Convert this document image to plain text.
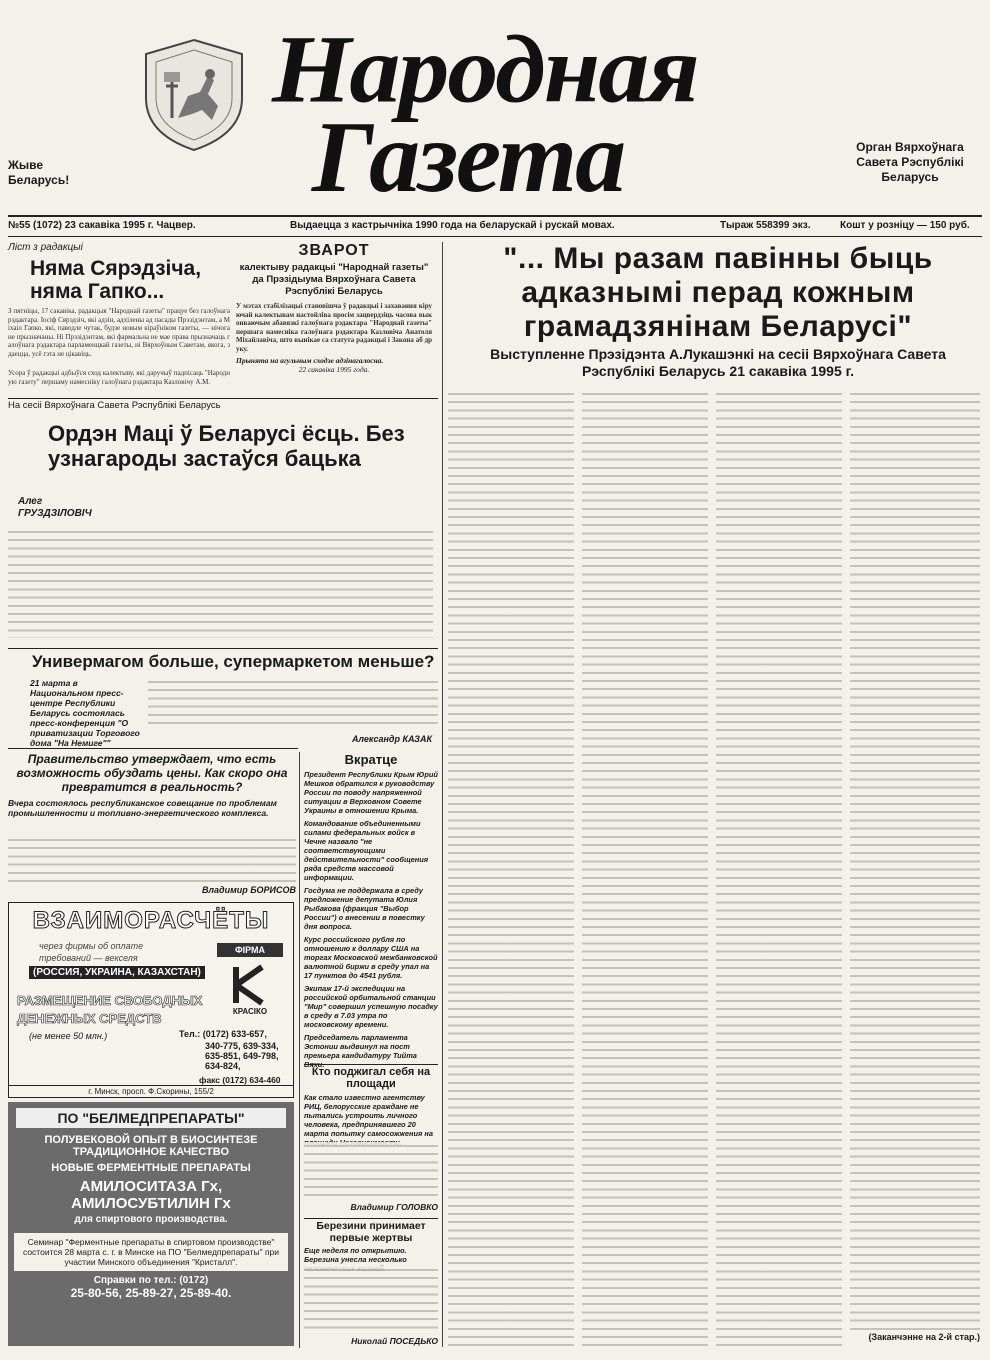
Народная
Газета
Жыве Беларусь!
Орган Вярхоўнага Савета Рэспублікі Беларусь
№55 (1072) 23 сакавіка 1995 г. Чацвер.	Выдаецца з кастрычніка 1990 года на беларускай і рускай мовах.	Тыраж 558399 экз.	Кошт у розніцу — 150 руб.
Ліст з радакцыі
Няма Сярэдзіча, няма Гапко...
З пятніцы, 17 сакавіка, радакцыя "Народнай газеты" працуе без галоўнага рэдактара. Іосіф Сярэдзіч, які адзін, адхілены ад пасады Прэзідэнтам, а Міхаіл Гапко, які, паводле чутак, будзе новым кіраўніком газеты, — нічога не прызначаны. Ні Прэзідэнтам, які фармальна не мае права прызначаць галоўнага рэдактара парламенцкай газеты, ні Вярхоўным Саветам, якога, здаецца, усё гэта не цікавіць.
Усора ў радакцыі адбыўся сход калектыву, які даручыў падпісаць "Народную газету" першаму намесніку галоўнага рэдактара Казловічу А.М.
ЗВАРОТ
калектыву радакцыі "Народнай газеты" да Прэзідыума Вярхоўнага Савета Рэспублікі Беларусь
У мэтах стабілізацыі становішча ў радакцыі і захавання кіруючай калектывам настойліва просім зацвердзіць часова выконваючым абавязкі галоўнага рэдактара "Народнай газеты" першага намесніка галоўнага рэдактара Казловіча Анатоля Міхайлавіча, што вынікае са статута радакцыі і Закона аб друку.
Прынята на агульным сходзе адзінагалосна.
22 сакавіка 1995 года.
"... Мы разам павінны быць адказнымі перад кожным грамадзянінам Беларусі"
Выступленне Прэзідэнта А.Лукашэнкі на сесіі Вярхоўнага Савета Рэспублікі Беларусь 21 сакавіка 1995 г.
(Заканчэнне на 2-й стар.)
На сесіі Вярхоўнага Савета Рэспублікі Беларусь
Ордэн Маці ў Беларусі ёсць. Без узнагароды застаўся бацька
Алег ГРУЗДЗІЛОВІЧ
Универмагом больше, супермаркетом меньше?
21 марта в Национальном пресс-центре Республики Беларусь состоялась пресс-конференция "О приватизации Торгового дома "На Немиге""	Александр КАЗАК
Правительство утверждает, что есть возможность обуздать цены. Как скоро она превратится в реальность?
Вчера состоялось республиканское совещание по проблемам промышленности и топливно-энергетического комплекса.
Владимир БОРИСОВ
Вкратце
Президент Республики Крым Юрий Мешков обратился к руководству России по поводу напряженной ситуации в Верховном Совете Украины в отношении Крыма.
Командование объединенными силами федеральных войск в Чечне назвало "не соответствующими действительности" сообщения ряда средств массовой информации.
Госдума не поддержала в среду предложение депутата Юлия Рыбакова (фракция "Выбор России") о внесении в повестку дня вопроса.
Курс российского рубля по отношению к доллару США на торгах Московской межбанковской валютной биржи в среду упал на 17 пунктов до 4541 рубля.
Экипаж 17-й экспедиции на российской орбитальной станции "Мир" совершил успешную посадку в среду в 7.03 утра по московскому времени.
Председатель парламента Эстонии выдвинул на пост премьера кандидатуру Тийта
Кто поджигал себя на площади
Как стало известно агентству РИЦ, белорусские граждане не пытались устроить личного человека, предпринявшего 20 марта попытку самосожжения на
Владимир ГОЛОВКО
Березини принимает первые жертвы
Еще неделя по открытию. Березина унесла несколько
Николай ПОСЕДЬКО
ВЗАИМОРАСЧЁТЫ
через фирмы об оплате
требований — векселя
(РОССИЯ, УКРАИНА, КАЗАХСТАН)
ФІРМА
КРАСІКО
РАЗМЕЩЕНИЕ СВОБОДНЫХ
ДЕНЕЖНЫХ СРЕДСТВ
(не менее 50 млн.)	Тел.: (0172) 633-657,
340-775, 639-334, 635-851, 649-798, 634-824,
факс (0172) 634-460
г. Минск, просп. Ф.Скорины, 155/2
ПО "БЕЛМЕДПРЕПАРАТЫ"
ПОЛУВЕКОВОЙ ОПЫТ В БИОСИНТЕЗЕ
ТРАДИЦИОННОЕ КАЧЕСТВО
НОВЫЕ ФЕРМЕНТНЫЕ ПРЕПАРАТЫ
АМИЛОСИТАЗА Гх,
АМИЛОСУБТИЛИН Гх
для спиртового производства.
Семинар "Ферментные препараты в спиртовом производстве" состоится 28 марта с. г. в Минске на ПО "Белмедпрепараты" при участии Минского объединения "Кристалл".
Справки по тел.: (0172)
25-80-56, 25-89-27, 25-89-40.
